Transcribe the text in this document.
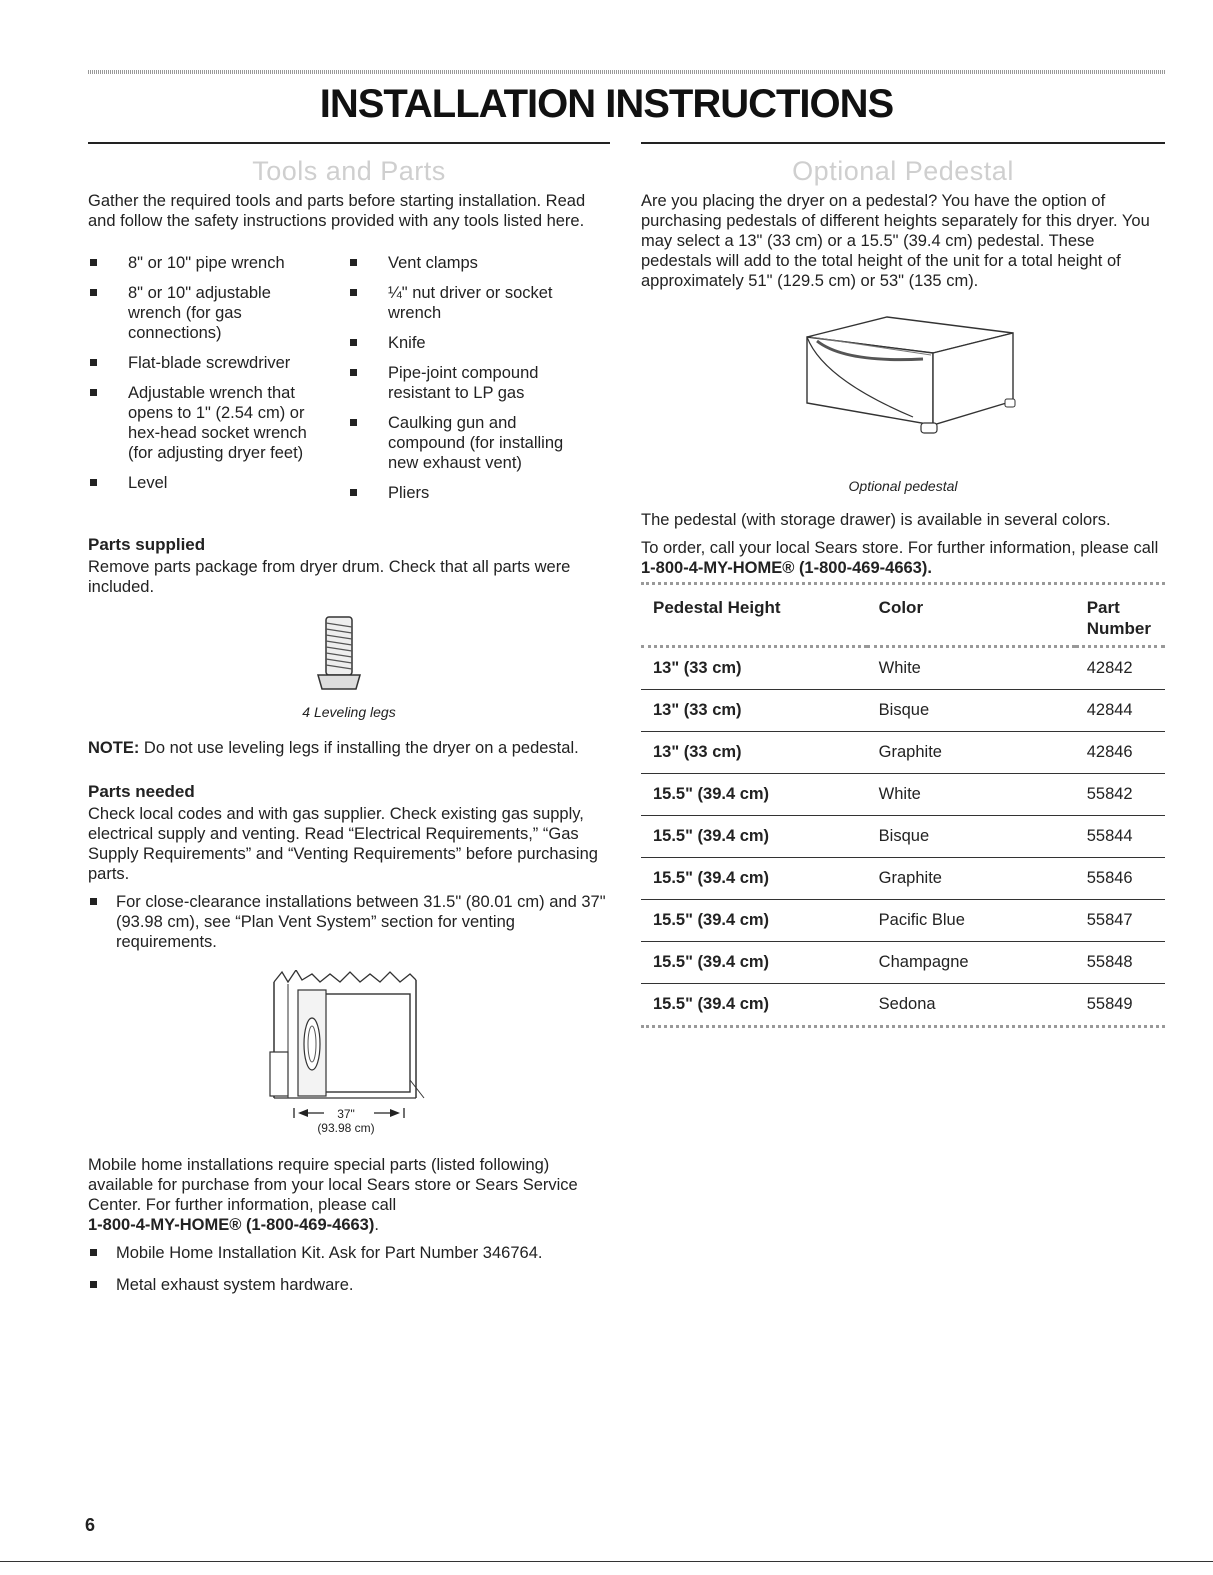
INSTALLATION INSTRUCTIONS
Tools and Parts

Gather the required tools and parts before starting installation. Read and follow the safety instructions provided with any tools listed here.

8" or 10" pipe wrench
8" or 10" adjustable wrench (for gas connections)
Flat-blade screwdriver
Adjustable wrench that opens to 1" (2.54 cm) or hex-head socket wrench (for adjusting dryer feet)
Level
Vent clamps
¼" nut driver or socket wrench
Knife
Pipe-joint compound resistant to LP gas
Caulking gun and compound (for installing new exhaust vent)
Pliers
Parts supplied

Remove parts package from dryer drum. Check that all parts were included.

4 Leveling legs

NOTE: Do not use leveling legs if installing the dryer on a pedestal.

Parts needed

Check local codes and with gas supplier. Check existing gas supply, electrical supply and venting. Read “Electrical Requirements,” “Gas Supply Requirements” and “Venting Requirements” before purchasing parts.

For close-clearance installations between 31.5" (80.01 cm) and 37" (93.98 cm), see “Plan Vent System” section for venting requirements.
37"
(93.98 cm)

Mobile home installations require special parts (listed following) available for purchase from your local Sears store or Sears Service Center. For further information, please call
1-800-4-MY-HOME® (1-800-469-4663).

Mobile Home Installation Kit. Ask for Part Number 346764.
Metal exhaust system hardware.
Optional Pedestal

Are you placing the dryer on a pedestal? You have the option of purchasing pedestals of different heights separately for this dryer. You may select a 13" (33 cm) or a 15.5" (39.4 cm) pedestal. These pedestals will add to the total height of the unit for a total height of approximately 51" (129.5 cm) or 53" (135 cm).

Optional pedestal

The pedestal (with storage drawer) is available in several colors.

To order, call your local Sears store. For further information, please call 1-800-4-MY-HOME® (1-800-469-4663).

Pedestal Height	Color	Part Number
13" (33 cm)	White	42842
13" (33 cm)	Bisque	42844
13" (33 cm)	Graphite	42846
15.5" (39.4 cm)	White	55842
15.5" (39.4 cm)	Bisque	55844
15.5" (39.4 cm)	Graphite	55846
15.5" (39.4 cm)	Pacific Blue	55847
15.5" (39.4 cm)	Champagne	55848
15.5" (39.4 cm)	Sedona	55849
6
